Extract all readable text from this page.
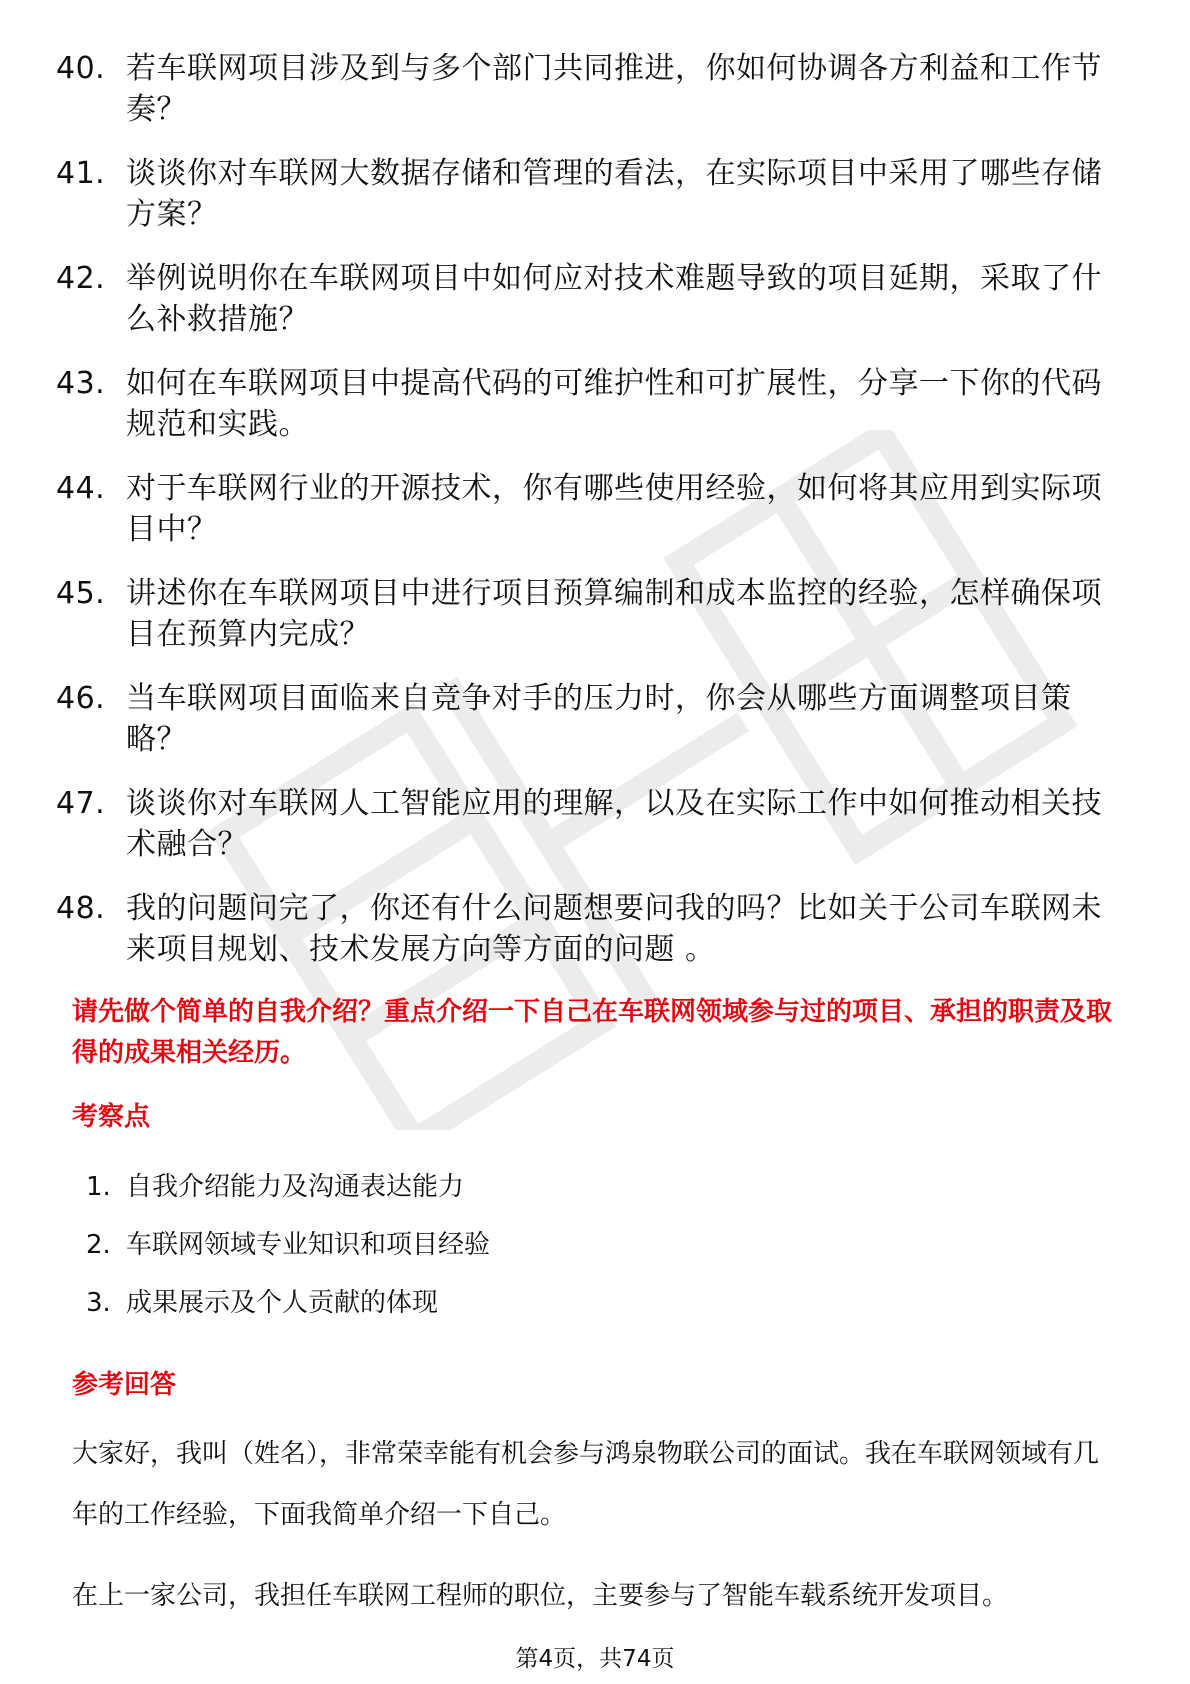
40. 若车联网项目涉及到与多个部门共同推进，你如何协调各方利益和工作节奏？
41. 谈谈你对车联网大数据存储和管理的看法，在实际项目中采用了哪些存储方案？
42. 举例说明你在车联网项目中如何应对技术难题导致的项目延期，采取了什么补救措施？
43. 如何在车联网项目中提高代码的可维护性和可扩展性，分享一下你的代码规范和实践。
44. 对于车联网行业的开源技术，你有哪些使用经验，如何将其应用到实际项目中？
45. 讲述你在车联网项目中进行项目预算编制和成本监控的经验，怎样确保项目在预算内完成？
46. 当车联网项目面临来自竞争对手的压力时，你会从哪些方面调整项目策略？
47. 谈谈你对车联网人工智能应用的理解，以及在实际工作中如何推动相关技术融合？
48. 我的问题问完了，你还有什么问题想要问我的吗？比如关于公司车联网未来项目规划、技术发展方向等方面的问题 。
请先做个简单的自我介绍？重点介绍一下自己在车联网领域参与过的项目、承担的职责及取得的成果相关经历。
考察点
1. 自我介绍能力及沟通表达能力
2. 车联网领域专业知识和项目经验
3. 成果展示及个人贡献的体现
参考回答
大家好，我叫（姓名），非常荣幸能有机会参与鸿泉物联公司的面试。我在车联网领域有几年的工作经验，下面我简单介绍一下自己。
在上一家公司，我担任车联网工程师的职位，主要参与了智能车载系统开发项目。
第4页，共74页
